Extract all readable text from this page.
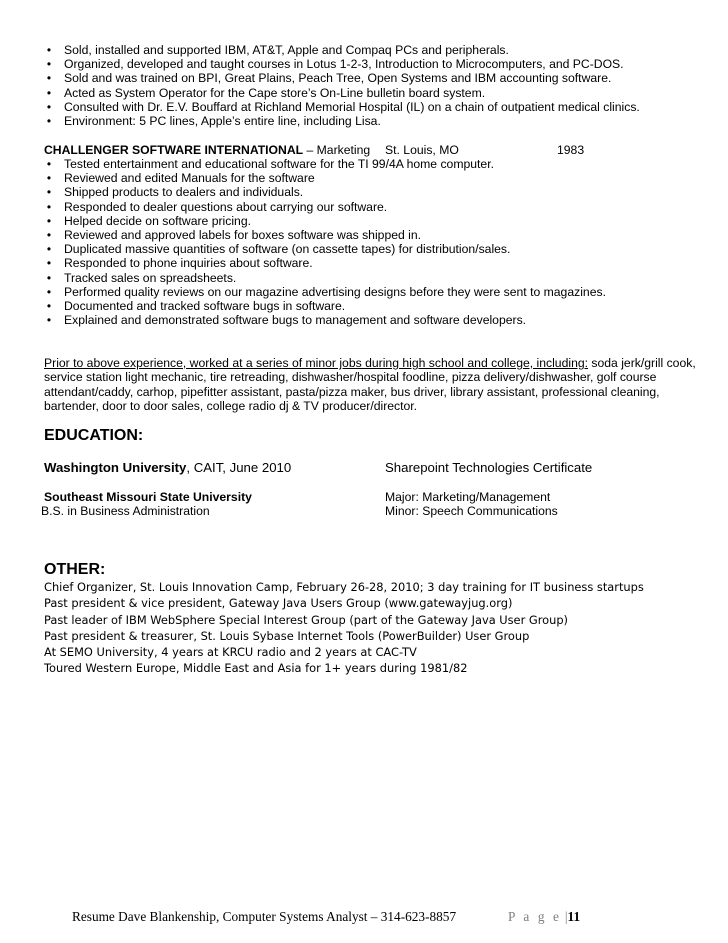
• Sold, installed and supported IBM, AT&T, Apple and Compaq PCs and peripherals.
• Organized, developed and taught courses in Lotus 1-2-3, Introduction to Microcomputers, and PC-DOS.
• Sold and was trained on BPI, Great Plains, Peach Tree, Open Systems and IBM accounting software.
• Acted as System Operator for the Cape store’s On-Line bulletin board system.
• Consulted with Dr. E.V. Bouffard at Richland Memorial Hospital (IL) on a chain of outpatient medical clinics.
• Environment: 5 PC lines, Apple’s entire line, including Lisa.
CHALLENGER SOFTWARE INTERNATIONAL – Marketing	St. Louis, MO	1983
• Tested entertainment and educational software for the TI 99/4A home computer.
• Reviewed and edited Manuals for the software
• Shipped products to dealers and individuals.
• Responded to dealer questions about carrying our software.
• Helped decide on software pricing.
• Reviewed and approved labels for boxes software was shipped in.
• Duplicated massive quantities of software (on cassette tapes) for distribution/sales.
• Responded to phone inquiries about software.
• Tracked sales on spreadsheets.
• Performed quality reviews on our magazine advertising designs before they were sent to magazines.
• Documented and tracked software bugs in software.
• Explained and demonstrated software bugs to management and software developers.
Prior to above experience, worked at a series of minor jobs during high school and college, including: soda jerk/grill cook, service station light mechanic, tire retreading, dishwasher/hospital foodline, pizza delivery/dishwasher, golf course attendant/caddy, carhop, pipefitter assistant, pasta/pizza maker, bus driver, library assistant, professional cleaning, bartender, door to door sales, college radio dj & TV producer/director.
EDUCATION:
Washington University, CAIT, June 2010	Sharepoint Technologies Certificate
Southeast Missouri State University	Major: Marketing/Management
B.S. in Business Administration	Minor: Speech Communications
OTHER:
Chief Organizer, St. Louis Innovation Camp, February 26-28, 2010; 3 day training for IT business startups
Past president & vice president, Gateway Java Users Group (www.gatewayjug.org)
Past leader of IBM WebSphere Special Interest Group (part of the Gateway Java User Group)
Past president & treasurer, St. Louis Sybase Internet Tools (PowerBuilder) User Group
At SEMO University, 4 years at KRCU radio and 2 years at CAC-TV
Toured Western Europe, Middle East and Asia for 1+ years during 1981/82
Resume Dave Blankenship, Computer Systems Analyst – 314-623-8857	P a g e |11
